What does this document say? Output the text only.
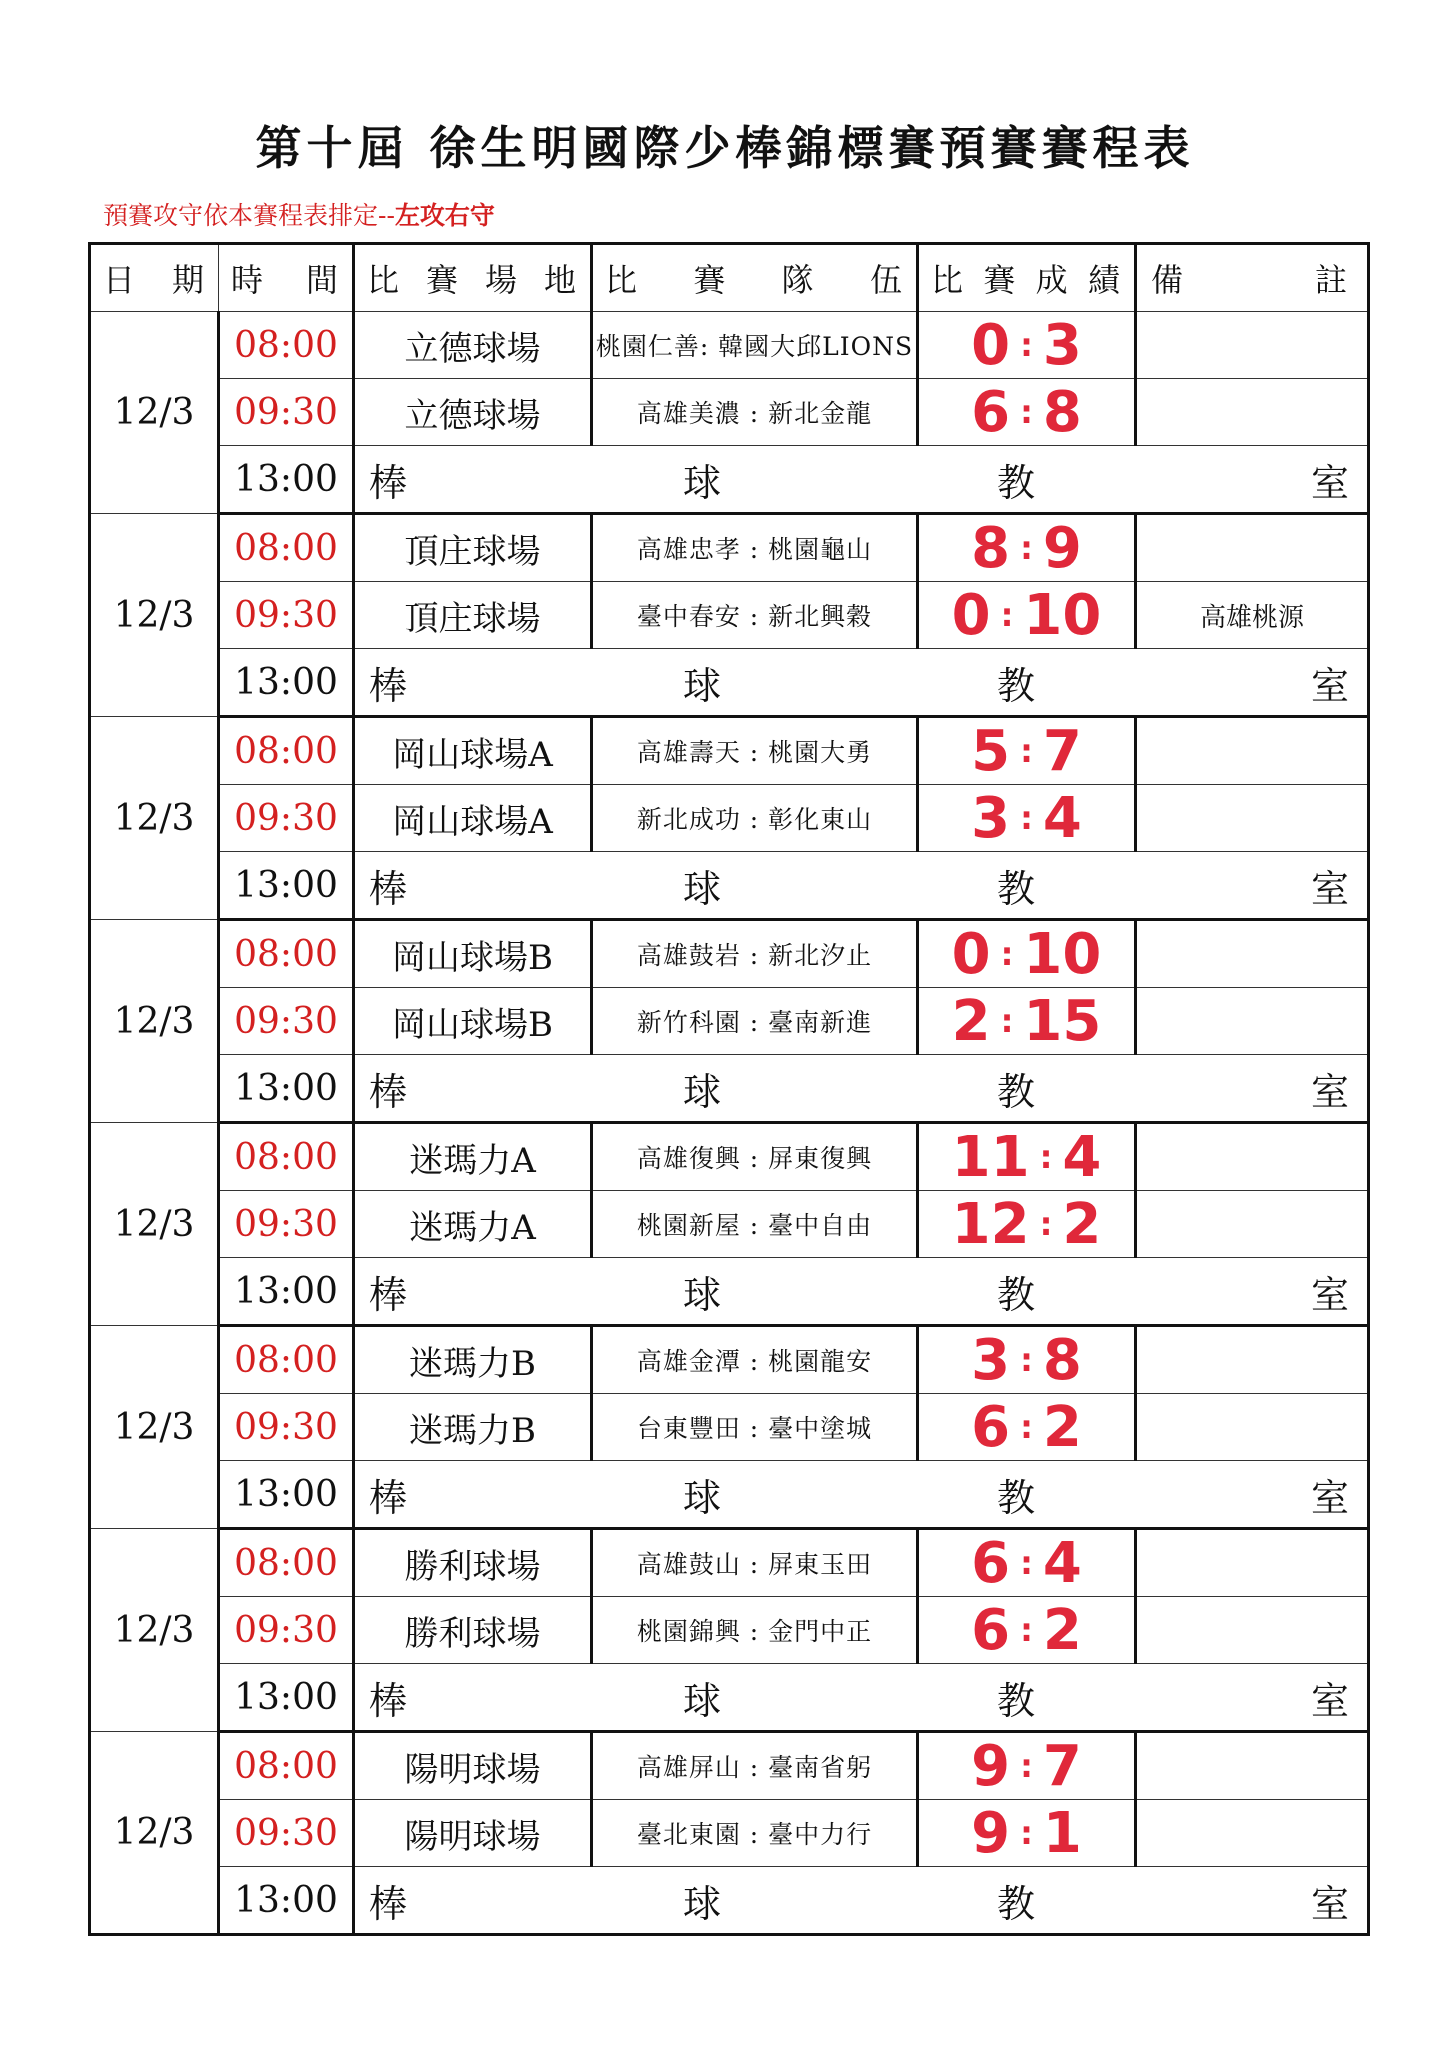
第十屆 徐生明國際少棒錦標賽預賽賽程表
預賽攻守依本賽程表排定--左攻右守
日 期	時 間	比 賽 場 地	比 賽 隊 伍	比 賽 成 績	備 註

12/3	08:00	立德球場	桃園仁善: 韓國大邱LIONS	0 : 3	
	09:30	立德球場	高雄美濃 : 新北金龍	6 : 8	
	13:00	棒 球 教 室			

12/3	08:00	頂庄球場	高雄忠孝 : 桃園龜山	8 : 9	
	09:30	頂庄球場	臺中春安 : 新北興穀	0 : 10	高雄桃源
	13:00	棒 球 教 室			

12/3	08:00	岡山球場A	高雄壽天 : 桃園大勇	5 : 7	
	09:30	岡山球場A	新北成功 : 彰化東山	3 : 4	
	13:00	棒 球 教 室			

12/3	08:00	岡山球場B	高雄鼓岩 : 新北汐止	0 : 10	
	09:30	岡山球場B	新竹科園 : 臺南新進	2 : 15	
	13:00	棒 球 教 室			

12/3	08:00	迷瑪力A	高雄復興 : 屏東復興	11 : 4	
	09:30	迷瑪力A	桃園新屋 : 臺中自由	12 : 2	
	13:00	棒 球 教 室			

12/3	08:00	迷瑪力B	高雄金潭 : 桃園龍安	3 : 8	
	09:30	迷瑪力B	台東豐田 : 臺中塗城	6 : 2	
	13:00	棒 球 教 室			

12/3	08:00	勝利球場	高雄鼓山 : 屏東玉田	6 : 4	
	09:30	勝利球場	桃園錦興 : 金門中正	6 : 2	
	13:00	棒 球 教 室			

12/3	08:00	陽明球場	高雄屏山 : 臺南省躬	9 : 7	
	09:30	陽明球場	臺北東園 : 臺中力行	9 : 1	
	13:00	棒 球 教 室			
